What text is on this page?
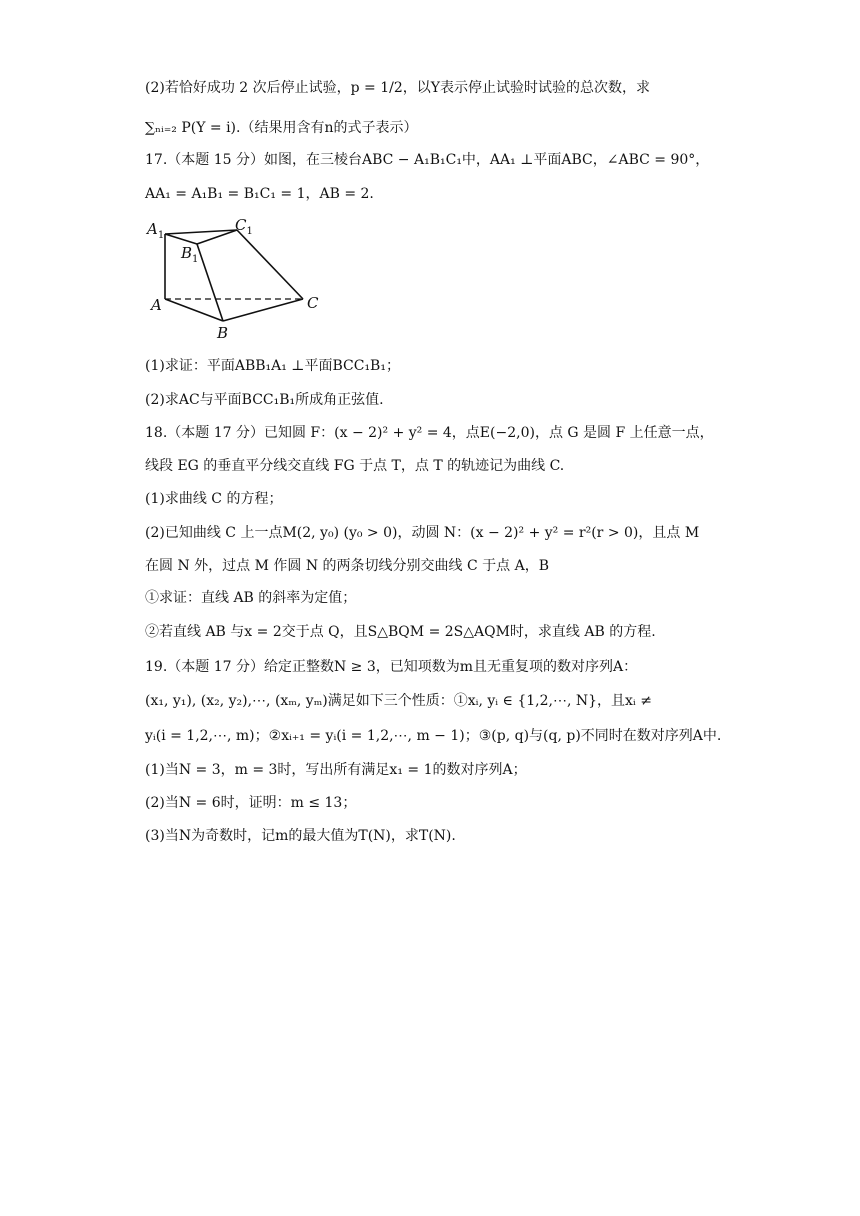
(2)若恰好成功 2 次后停止试验，p = 1/2，以Y表示停止试验时试验的总次数，求
∑ₙᵢ₌₂ P(Y = i).（结果用含有n的式子表示）
17.（本题 15 分）如图，在三棱台ABC − A₁B₁C₁中，AA₁ ⊥平面ABC，∠ABC = 90°，
AA₁ = A₁B₁ = B₁C₁ = 1，AB = 2.
$A_1$
$B_1$
$C_1$
A
B
C
(1)求证：平面ABB₁A₁ ⊥平面BCC₁B₁；
(2)求AC与平面BCC₁B₁所成角正弦值.
18.（本题 17 分）已知圆 F：(x − 2)² + y² = 4，点E(−2,0)，点 G 是圆 F 上任意一点，
线段 EG 的垂直平分线交直线 FG 于点 T，点 T 的轨迹记为曲线 C.
(1)求曲线 C 的方程；
(2)已知曲线 C 上一点M(2, y₀) (y₀ > 0)，动圆 N：(x − 2)² + y² = r²(r > 0)，且点 M
在圆 N 外，过点 M 作圆 N 的两条切线分别交曲线 C 于点 A，B
①求证：直线 AB 的斜率为定值；
②若直线 AB 与x = 2交于点 Q，且S△BQM = 2S△AQM时，求直线 AB 的方程.
19.（本题 17 分）给定正整数N ≥ 3，已知项数为m且无重复项的数对序列A：
(x₁, y₁), (x₂, y₂),⋯, (xₘ, yₘ)满足如下三个性质：①xᵢ, yᵢ ∈ {1,2,⋯, N}，且xᵢ ≠
yᵢ(i = 1,2,⋯, m)；②xᵢ₊₁ = yᵢ(i = 1,2,⋯, m − 1)；③(p, q)与(q, p)不同时在数对序列A中.
(1)当N = 3，m = 3时，写出所有满足x₁ = 1的数对序列A；
(2)当N = 6时，证明：m ≤ 13；
(3)当N为奇数时，记m的最大值为T(N)，求T(N).
